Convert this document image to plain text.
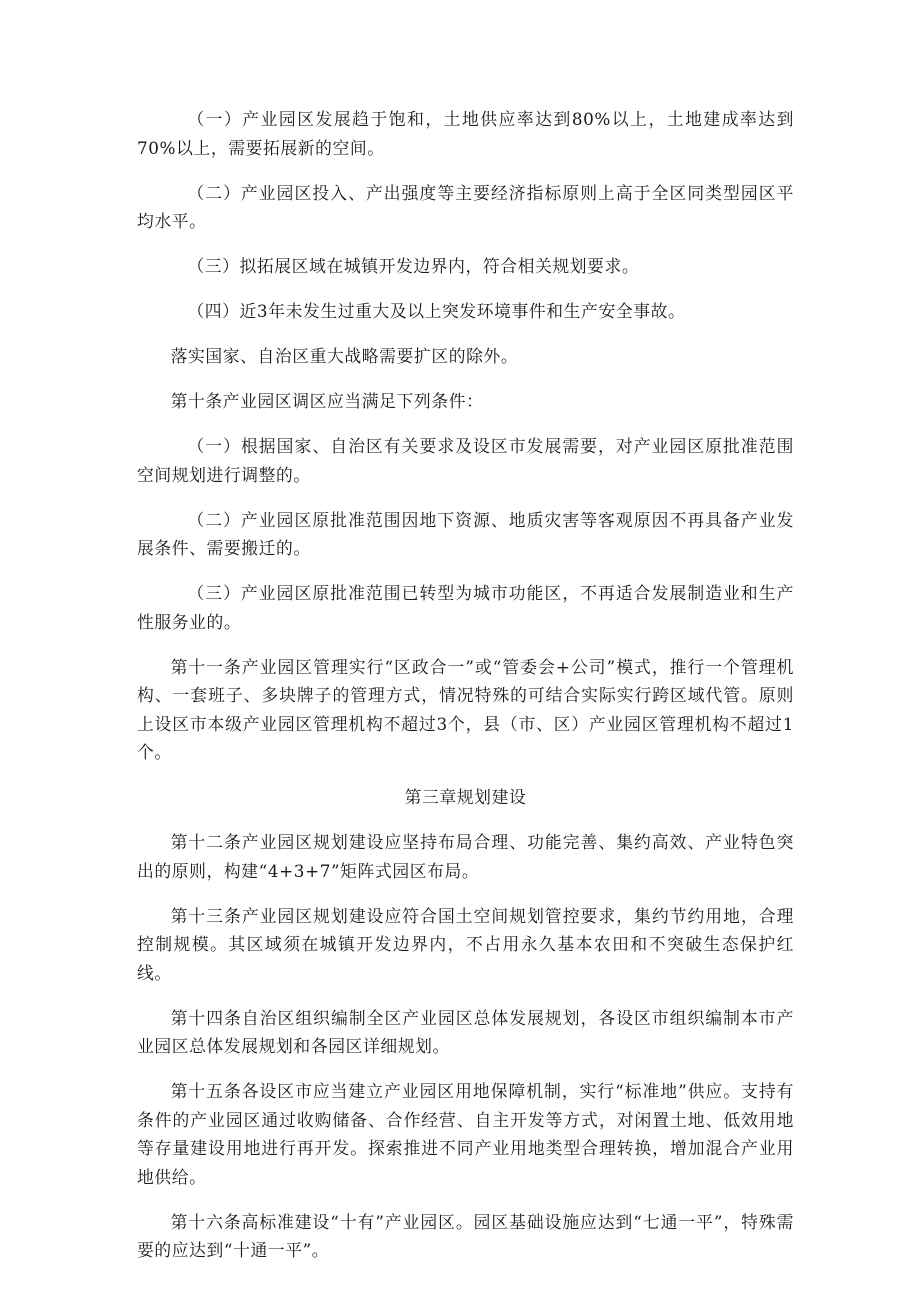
（一）产业园区发展趋于饱和，土地供应率达到80%以上，土地建成率达到70%以上，需要拓展新的空间。

（二）产业园区投入、产出强度等主要经济指标原则上高于全区同类型园区平均水平。

（三）拟拓展区域在城镇开发边界内，符合相关规划要求。

（四）近3年未发生过重大及以上突发环境事件和生产安全事故。

落实国家、自治区重大战略需要扩区的除外。

第十条产业园区调区应当满足下列条件：

（一）根据国家、自治区有关要求及设区市发展需要，对产业园区原批准范围空间规划进行调整的。

（二）产业园区原批准范围因地下资源、地质灾害等客观原因不再具备产业发展条件、需要搬迁的。

（三）产业园区原批准范围已转型为城市功能区，不再适合发展制造业和生产性服务业的。

第十一条产业园区管理实行“区政合一”或“管委会+公司”模式，推行一个管理机构、一套班子、多块牌子的管理方式，情况特殊的可结合实际实行跨区域代管。原则上设区市本级产业园区管理机构不超过3个，县（市、区）产业园区管理机构不超过1个。

第三章规划建设

第十二条产业园区规划建设应坚持布局合理、功能完善、集约高效、产业特色突出的原则，构建“4+3+7”矩阵式园区布局。

第十三条产业园区规划建设应符合国土空间规划管控要求，集约节约用地，合理控制规模。其区域须在城镇开发边界内，不占用永久基本农田和不突破生态保护红线。

第十四条自治区组织编制全区产业园区总体发展规划，各设区市组织编制本市产业园区总体发展规划和各园区详细规划。

第十五条各设区市应当建立产业园区用地保障机制，实行“标准地”供应。支持有条件的产业园区通过收购储备、合作经营、自主开发等方式，对闲置土地、低效用地等存量建设用地进行再开发。探索推进不同产业用地类型合理转换，增加混合产业用地供给。

第十六条高标准建设“十有”产业园区。园区基础设施应达到“七通一平”，特殊需要的应达到“十通一平”。
